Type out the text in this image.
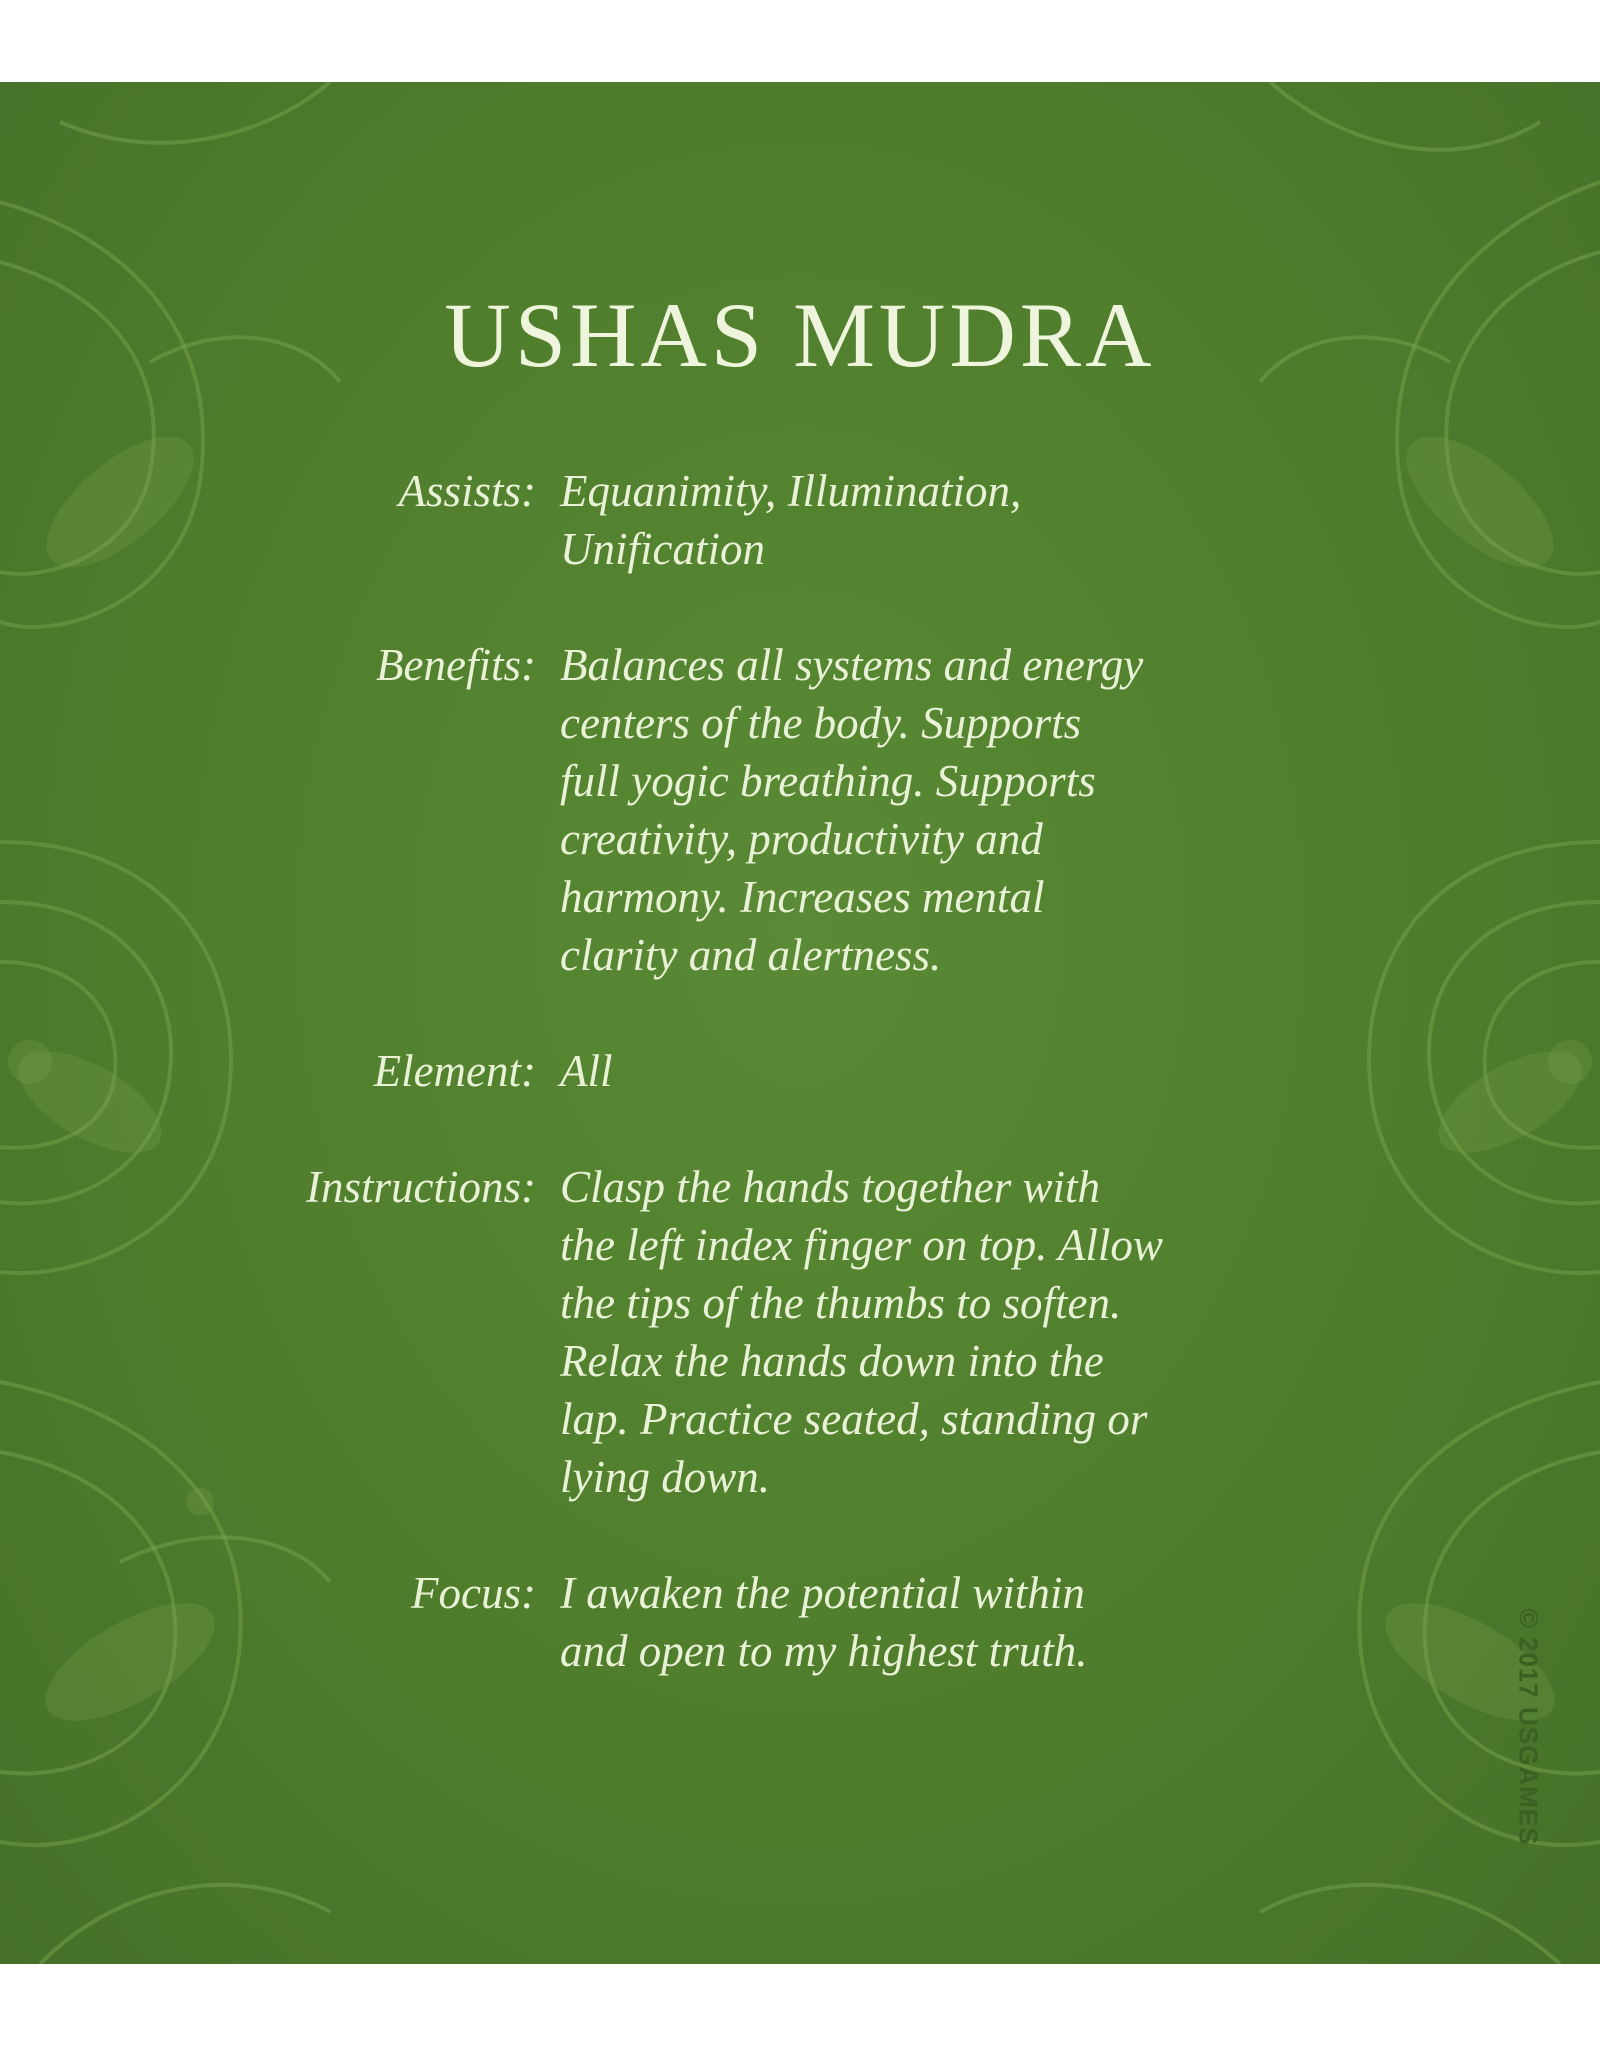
USHAS MUDRA
Assists: Equanimity, Illumination,
Unification
Benefits: Balances all systems and energy
centers of the body. Supports
full yogic breathing. Supports
creativity, productivity and
harmony. Increases mental
clarity and alertness.
Element: All
Instructions: Clasp the hands together with
the left index finger on top. Allow
the tips of the thumbs to soften.
Relax the hands down into the
lap. Practice seated, standing or
lying down.
Focus: I awaken the potential within
and open to my highest truth.	© 2017 USGAMES
